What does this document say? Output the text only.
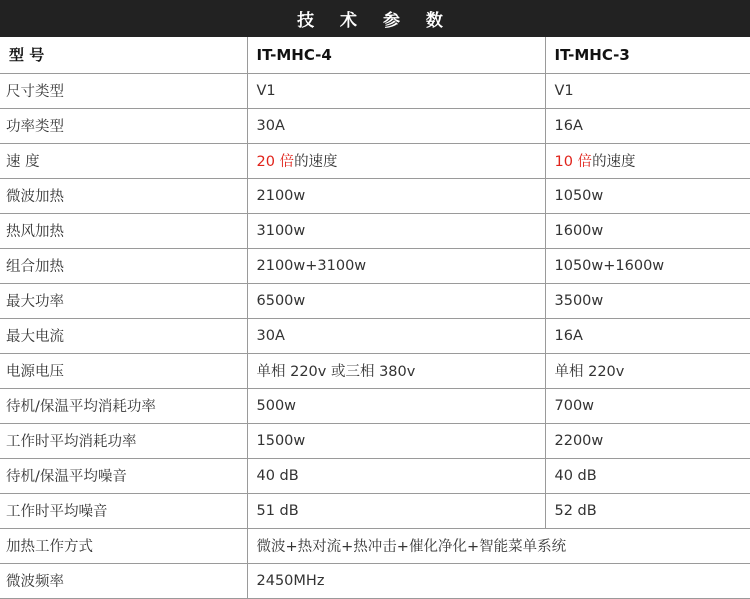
技 术 参 数
型 号	IT-MHC-4	IT-MHC-3
尺寸类型	V1	V1
功率类型	30A	16A
速 度	20 倍的速度	10 倍的速度
微波加热	2100w	1050w
热风加热	3100w	1600w
组合加热	2100w+3100w	1050w+1600w
最大功率	6500w	3500w
最大电流	30A	16A
电源电压	单相 220v 或三相 380v	单相 220v
待机/保温平均消耗功率	500w	700w
工作时平均消耗功率	1500w	2200w
待机/保温平均噪音	40 dB	40 dB
工作时平均噪音	51 dB	52 dB
加热工作方式	微波+热对流+热冲击+催化净化+智能菜单系统	
微波频率	2450MHz	
